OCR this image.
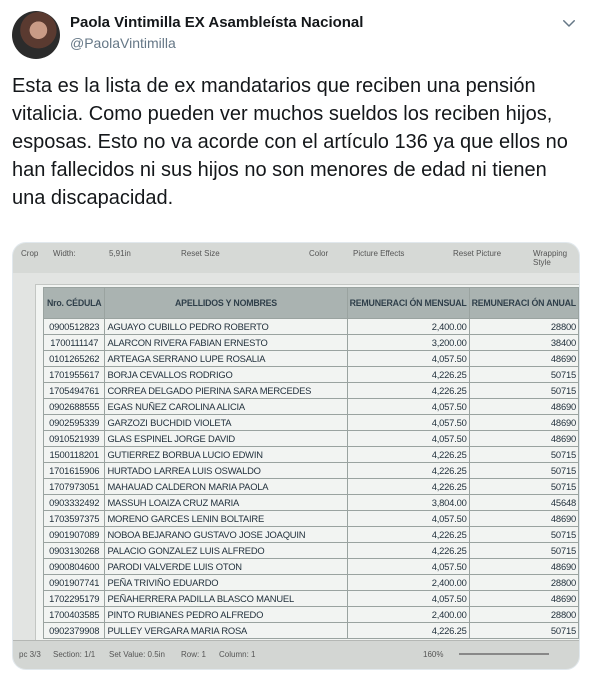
Paola Vintimilla EX Asambleísta Nacional
@PaolaVintimilla
Esta es la lista de ex mandatarios que reciben una pensión vitalicia. Como pueden ver muchos sueldos los reciben hijos, esposas. Esto no va acorde con el artículo 136 ya que ellos no han fallecidos ni sus hijos no son menores de edad ni tienen una discapacidad.
Crop Width:	5,91in	Reset Size	Color	Picture Effects	Reset Picture	Wrapping Style
Nro. CÉDULA	APELLIDOS Y NOMBRES	REMUNERACI ÓN MENSUAL	REMUNERACI ÓN ANUAL
0900512823	AGUAYO CUBILLO PEDRO ROBERTO	2,400.00	28800
1700111147	ALARCON RIVERA FABIAN ERNESTO	3,200.00	38400
0101265262	ARTEAGA SERRANO LUPE ROSALIA	4,057.50	48690
1701955617	BORJA CEVALLOS RODRIGO	4,226.25	50715
1705494761	CORREA DELGADO PIERINA SARA MERCEDES	4,226.25	50715
0902688555	EGAS NUÑEZ CAROLINA ALICIA	4,057.50	48690
0902595339	GARZOZI BUCHDID VIOLETA	4,057.50	48690
0910521939	GLAS ESPINEL JORGE DAVID	4,057.50	48690
1500118201	GUTIERREZ BORBUA LUCIO EDWIN	4,226.25	50715
1701615906	HURTADO LARREA LUIS OSWALDO	4,226.25	50715
1707973051	MAHAUAD CALDERON MARIA PAOLA	4,226.25	50715
0903332492	MASSUH LOAIZA CRUZ MARIA	3,804.00	45648
1703597375	MORENO GARCES LENIN BOLTAIRE	4,057.50	48690
0901907089	NOBOA BEJARANO GUSTAVO JOSE JOAQUIN	4,226.25	50715
0903130268	PALACIO GONZALEZ LUIS ALFREDO	4,226.25	50715
0900804600	PARODI VALVERDE LUIS OTON	4,057.50	48690
0901907741	PEÑA TRIVIÑO EDUARDO	2,400.00	28800
1702295179	PEÑAHERRERA PADILLA BLASCO MANUEL	4,057.50	48690
1700403585	PINTO RUBIANES PEDRO ALFREDO	2,400.00	28800
0902379908	PULLEY VERGARA MARIA ROSA	4,226.25	50715
pc 3/3 Section: 1/1 Set Value: 0.5in Row: 1 Column: 1	160%
